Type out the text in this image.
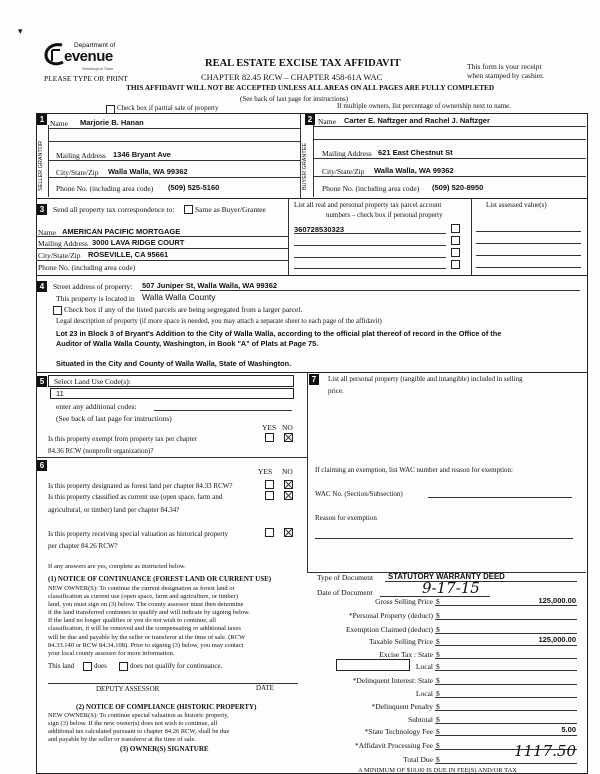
▾
Department of
evenue
Washington State
PLEASE TYPE OR PRINT
REAL ESTATE EXCISE TAX AFFIDAVIT
CHAPTER 82.45 RCW – CHAPTER 458-61A WAC
THIS AFFIDAVIT WILL NOT BE ACCEPTED UNLESS ALL AREAS ON ALL PAGES ARE FULLY COMPLETED
This form is your receipt
when stamped by cashier.
(See back of last page for instructions)
Check box if partial sale of property	If multiple owners, list percentage of ownership next to name.
1
SELLER GRANTOR
Name Marjorie B. Hanan
Mailing Address 1346 Bryant Ave
City/State/Zip Walla Walla, WA 99362
Phone No. (including area code) (509) 525-5160
2
BUYER GRANTEE
Name Carter E. Naftzger and Rachel J. Naftzger
Mailing Address 621 East Chestnut St
City/State/Zip Walla Walla, WA 99362
Phone No. (including area code) (509) 520-8950
3	Send all property tax correspondence to:	Same as Buyer/Grantee
Name AMERICAN PACIFIC MORTGAGE
Mailing Address 3000 LAVA RIDGE COURT
City/State/Zip ROSEVILLE, CA 95661
Phone No. (including area code)
List all real and personal property tax parcel account
numbers – check box if personal property
List assessed value(s)
360728530323
4	Street address of property: 507 Juniper St, Walla Walla, WA 99362
This property is located in Walla Walla County
Check box if any of the listed parcels are being segregated from a larger parcel.
Legal description of property (if more space is needed, you may attach a separate sheet to each page of the affidavit)
Lot 23 in Block 3 of Bryant's Addition to the City of Walla Walla, according to the official plat thereof of record in the Office of the
Auditor of Walla Walla County, Washington, in Book "A" of Plats at Page 75.
Situated in the City and County of Walla Walla, State of Washington.
5	Select Land Use Code(s):
11
enter any additional codes:
(See back of last page for instructions)
YES NO
Is this property exempt from property tax per chapter
84.36 RCW (nonprofit organization)?
6
YES NO
Is this property designated as forest land per chapter 84.33 RCW?
Is this property classified as current use (open space, farm and
agricultural, or timber) land per chapter 84.34?
Is this property receiving special valuation as historical property
per chapter 84.26 RCW?
If any answers are yes, complete as instructed below.
(1) NOTICE OF CONTINUANCE (FOREST LAND OR CURRENT USE)
NEW OWNER(S): To continue the current designation as forest land or
classification as current use (open space, farm and agriculture, or timber)
land, you must sign on (3) below. The county assessor must then determine
if the land transferred continues to qualify and will indicate by signing below.
If the land no longer qualifies or you do not wish to continue, all
classification, it will be removed and the compensating or additional taxes
will be due and payable by the seller or transferor at the time of sale. (RCW
84.33.140 or RCW 84.34.108). Prior to signing (3) below, you may contact
your local county assessor for more information.
This land	does	does not qualify for continuance.
DEPUTY ASSESSOR	DATE
(2) NOTICE OF COMPLIANCE (HISTORIC PROPERTY)
NEW OWNER(S): To continue special valuation as historic property,
sign (3) below. If the new owner(s) does not wish to continue, all
additional tax calculated pursuant to chapter 84.26 RCW, shall be due
and payable by the seller or transferor at the time of sale.
(3) OWNER(S) SIGNATURE
7	List all personal property (tangible and intangible) included in selling
price.
If claiming an exemption, list WAC number and reason for exemption:
WAC No. (Section/Subsection)
Reason for exemption
Type of Document STATUTORY WARRANTY DEED
Date of Document	9-17-15
Gross Selling Price $	125,000.00
*Personal Property (deduct) $
Exemption Claimed (deduct) $
Taxable Selling Price $	125,000.00
Excise Tax : State $
Local $
*Delinquent Interest: State $
Local $
*Delinquent Penalty $
Subtotal $
*State Technology Fee $	5.00
*Affidavit Processing Fee $
Total Due $	1117.50
A MINIMUM OF $10.00 IS DUE IN FEE(S) AND/OR TAX
